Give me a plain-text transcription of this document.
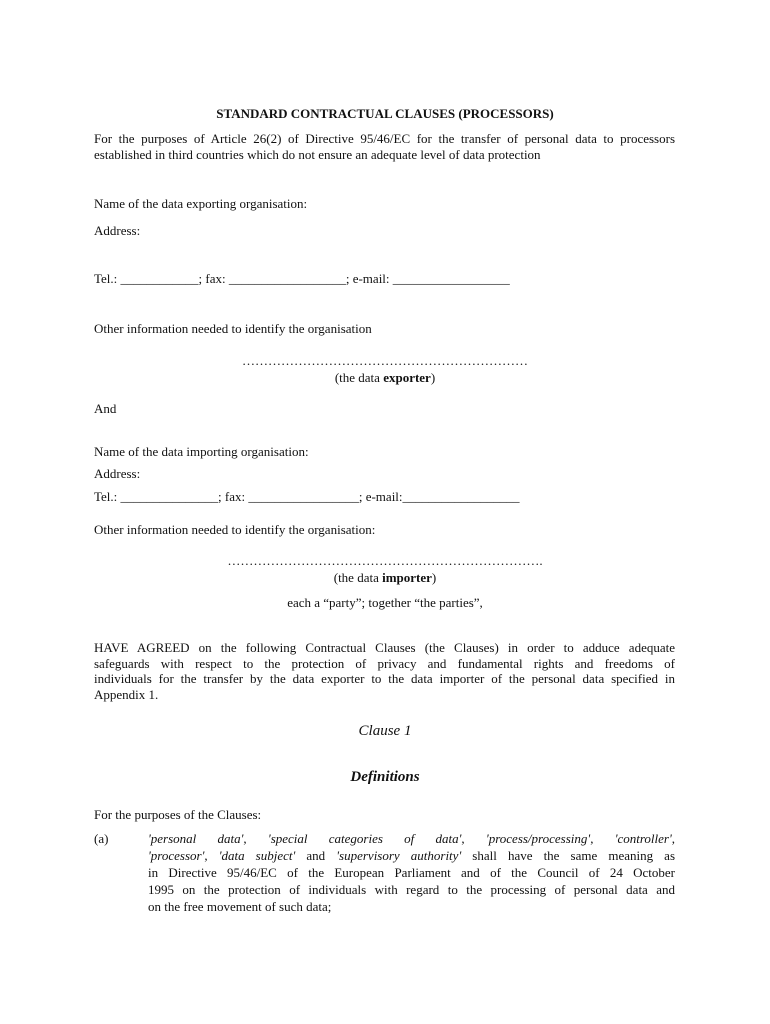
STANDARD CONTRACTUAL CLAUSES (PROCESSORS)
For the purposes of Article 26(2) of Directive 95/46/EC for the transfer of personal data to processors
established in third countries which do not ensure an adequate level of data protection
Name of the data exporting organisation:
Address:
Tel.: ____________; fax: __________________; e-mail: __________________
Other information needed to identify the organisation
…………………………………………………………
(the data exporter)
And
Name of the data importing organisation:
Address:
Tel.: _______________; fax: _________________; e-mail:__________________
Other information needed to identify the organisation:
……………………………………………………………….
(the data importer)
each a “party”; together “the parties”,
HAVE AGREED on the following Contractual Clauses (the Clauses) in order to adduce adequate
safeguards with respect to the protection of privacy and fundamental rights and freedoms of
individuals for the transfer by the data exporter to the data importer of the personal data specified in
Appendix 1.
Clause 1
Definitions
For the purposes of the Clauses:
(a)	'personal data', 'special categories of data', 'process/processing', 'controller',
'processor', 'data subject' and 'supervisory authority' shall have the same meaning as
in Directive 95/46/EC of the European Parliament and of the Council of 24 October
1995 on the protection of individuals with regard to the processing of personal data and
on the free movement of such data;
